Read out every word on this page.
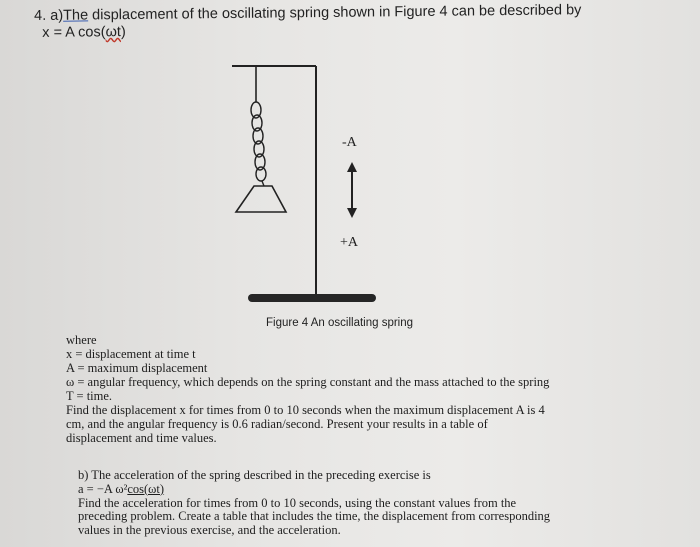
4. a)The displacement of the oscillating spring shown in Figure 4 can be described by
x = A cos(ωt)
-A
+A
Figure 4 An oscillating spring

where

x = displacement at time t

A = maximum displacement

ω = angular frequency, which depends on the spring constant and the mass attached to the spring

T = time.

Find the displacement x for times from 0 to 10 seconds when the maximum displacement A is 4

cm, and the angular frequency is 0.6 radian/second. Present your results in a table of

displacement and time values.

b) The acceleration of the spring described in the preceding exercise is

a = −A ω²cos(ωt)

Find the acceleration for times from 0 to 10 seconds, using the constant values from the

preceding problem. Create a table that includes the time, the displacement from corresponding

values in the previous exercise, and the acceleration.
